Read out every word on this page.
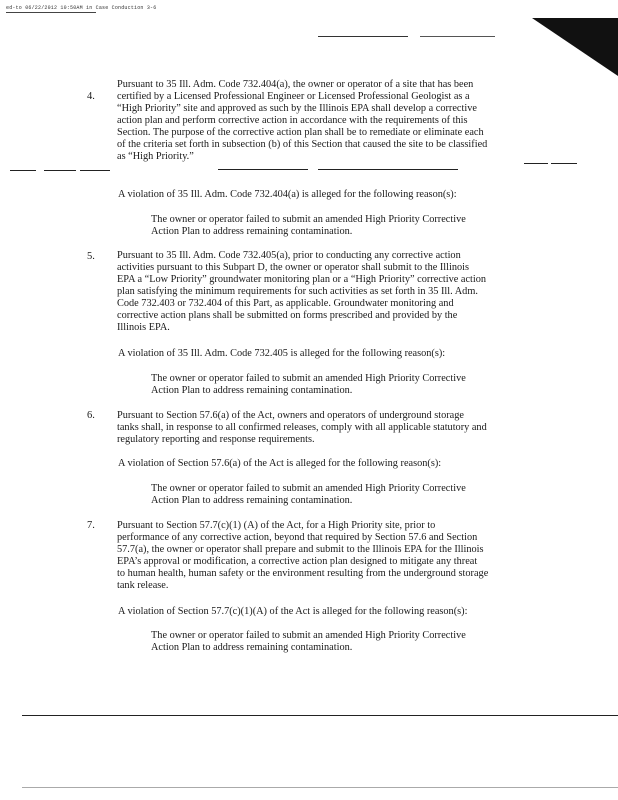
ed-to 06/22/2012 10:50AM in Case Conduction 3-6
4.
Pursuant to 35 Ill. Adm. Code 732.404(a), the owner or operator of a site that has been
certified by a Licensed Professional Engineer or Licensed Professional Geologist as a
“High Priority” site and approved as such by the Illinois EPA shall develop a corrective
action plan and perform corrective action in accordance with the requirements of this
Section. The purpose of the corrective action plan shall be to remediate or eliminate each
of the criteria set forth in subsection (b) of this Section that caused the site to be classified
as “High Priority.”
A violation of 35 Ill. Adm. Code 732.404(a) is alleged for the following reason(s):
The owner or operator failed to submit an amended High Priority Corrective
Action Plan to address remaining contamination.
5. Pursuant to 35 Ill. Adm. Code 732.405(a), prior to conducting any corrective action
activities pursuant to this Subpart D, the owner or operator shall submit to the Illinois
EPA a “Low Priority” groundwater monitoring plan or a “High Priority” corrective action
plan satisfying the minimum requirements for such activities as set forth in 35 Ill. Adm.
Code 732.403 or 732.404 of this Part, as applicable. Groundwater monitoring and
corrective action plans shall be submitted on forms prescribed and provided by the
Illinois EPA.
A violation of 35 Ill. Adm. Code 732.405 is alleged for the following reason(s):
The owner or operator failed to submit an amended High Priority Corrective
Action Plan to address remaining contamination.
6. Pursuant to Section 57.6(a) of the Act, owners and operators of underground storage
tanks shall, in response to all confirmed releases, comply with all applicable statutory and
regulatory reporting and response requirements.
A violation of Section 57.6(a) of the Act is alleged for the following reason(s):
The owner or operator failed to submit an amended High Priority Corrective
Action Plan to address remaining contamination.
7. Pursuant to Section 57.7(c)(1) (A) of the Act, for a High Priority site, prior to
performance of any corrective action, beyond that required by Section 57.6 and Section
57.7(a), the owner or operator shall prepare and submit to the Illinois EPA for the Illinois
EPA’s approval or modification, a corrective action plan designed to mitigate any threat
to human health, human safety or the environment resulting from the underground storage
tank release.
A violation of Section 57.7(c)(1)(A) of the Act is alleged for the following reason(s):
The owner or operator failed to submit an amended High Priority Corrective
Action Plan to address remaining contamination.
